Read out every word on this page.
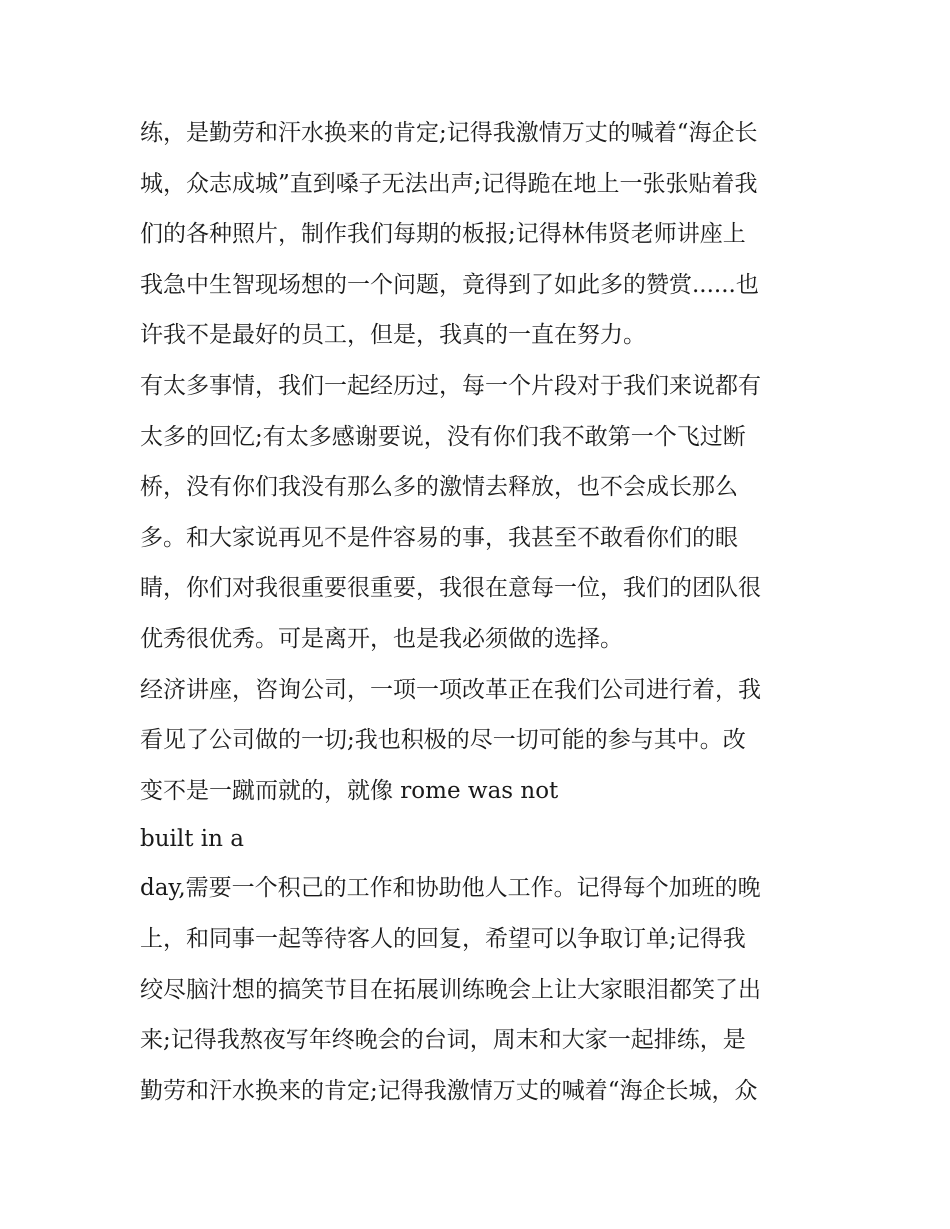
练，是勤劳和汗水换来的肯定;记得我激情万丈的喊着“海企长
城，众志成城”直到嗓子无法出声;记得跪在地上一张张贴着我
们的各种照片，制作我们每期的板报;记得林伟贤老师讲座上
我急中生智现场想的一个问题，竟得到了如此多的赞赏......也
许我不是最好的员工，但是，我真的一直在努力。
有太多事情，我们一起经历过，每一个片段对于我们来说都有
太多的回忆;有太多感谢要说，没有你们我不敢第一个飞过断
桥，没有你们我没有那么多的激情去释放，也不会成长那么
多。和大家说再见不是件容易的事，我甚至不敢看你们的眼
睛，你们对我很重要很重要，我很在意每一位，我们的团队很
优秀很优秀。可是离开，也是我必须做的选择。
经济讲座，咨询公司，一项一项改革正在我们公司进行着，我
看见了公司做的一切;我也积极的尽一切可能的参与其中。改
变不是一蹴而就的，就像 rome was not
built in a
day,需要一个积己的工作和协助他人工作。记得每个加班的晚
上，和同事一起等待客人的回复，希望可以争取订单;记得我
绞尽脑汁想的搞笑节目在拓展训练晚会上让大家眼泪都笑了出
来;记得我熬夜写年终晚会的台词，周末和大家一起排练，是
勤劳和汗水换来的肯定;记得我激情万丈的喊着“海企长城，众
